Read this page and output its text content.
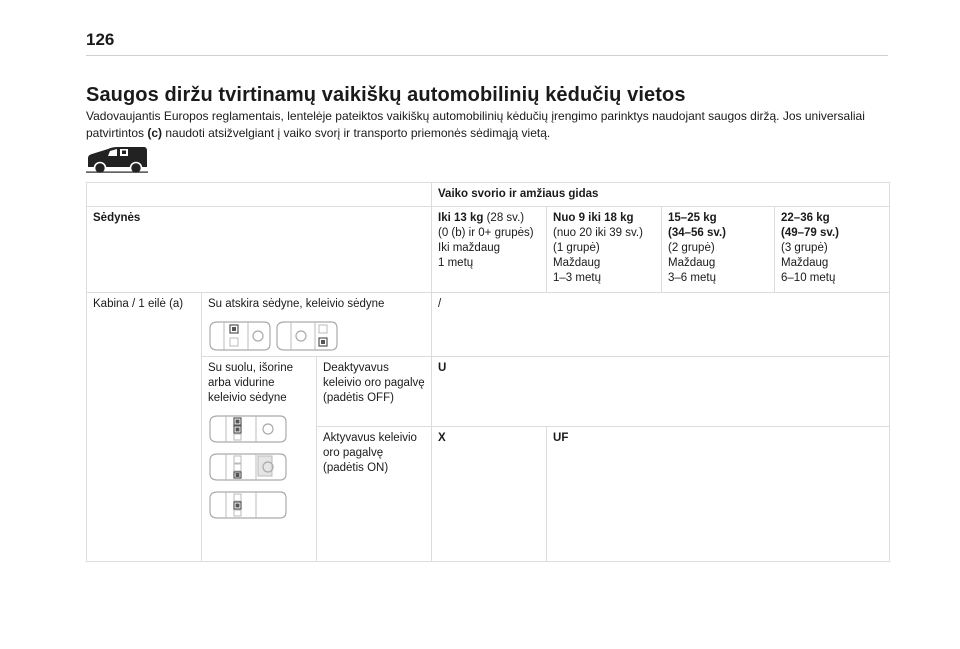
126
Saugos diržu tvirtinamų vaikiškų automobilinių kėdučių vietos

Vadovaujantis Europos reglamentais, lentelėje pateiktos vaikiškų automobilinių kėdučių įrengimo parinktys naudojant saugos diržą. Jos universaliai patvirtintos (c) naudoti atsižvelgiant į vaiko svorį ir transporto priemonės sėdimąją vietą.

			Vaiko svorio ir amžiaus gidas			
Sėdynės			Iki 13 kg (28 sv.)
(0 (b) ir 0+ grupės)
Iki maždaug
1 metų	Nuo 9 iki 18 kg
(nuo 20 iki 39 sv.)
(1 grupė)
Maždaug
1–3 metų	15–25 kg
(34–56 sv.)
(2 grupė)
Maždaug
3–6 metų	22–36 kg
(49–79 sv.)
(3 grupė)
Maždaug
6–10 metų

Kabina / 1 eilė (a)	Su atskira sėdyne, keleivio sėdyne		/			
	Su suolu, išorine arba vidurine keleivio sėdyne	Deaktyvavus keleivio oro pagalvę (padėtis OFF)	U			
		Aktyvavus keleivio oro pagalvę (padėtis ON)	X	UF		
